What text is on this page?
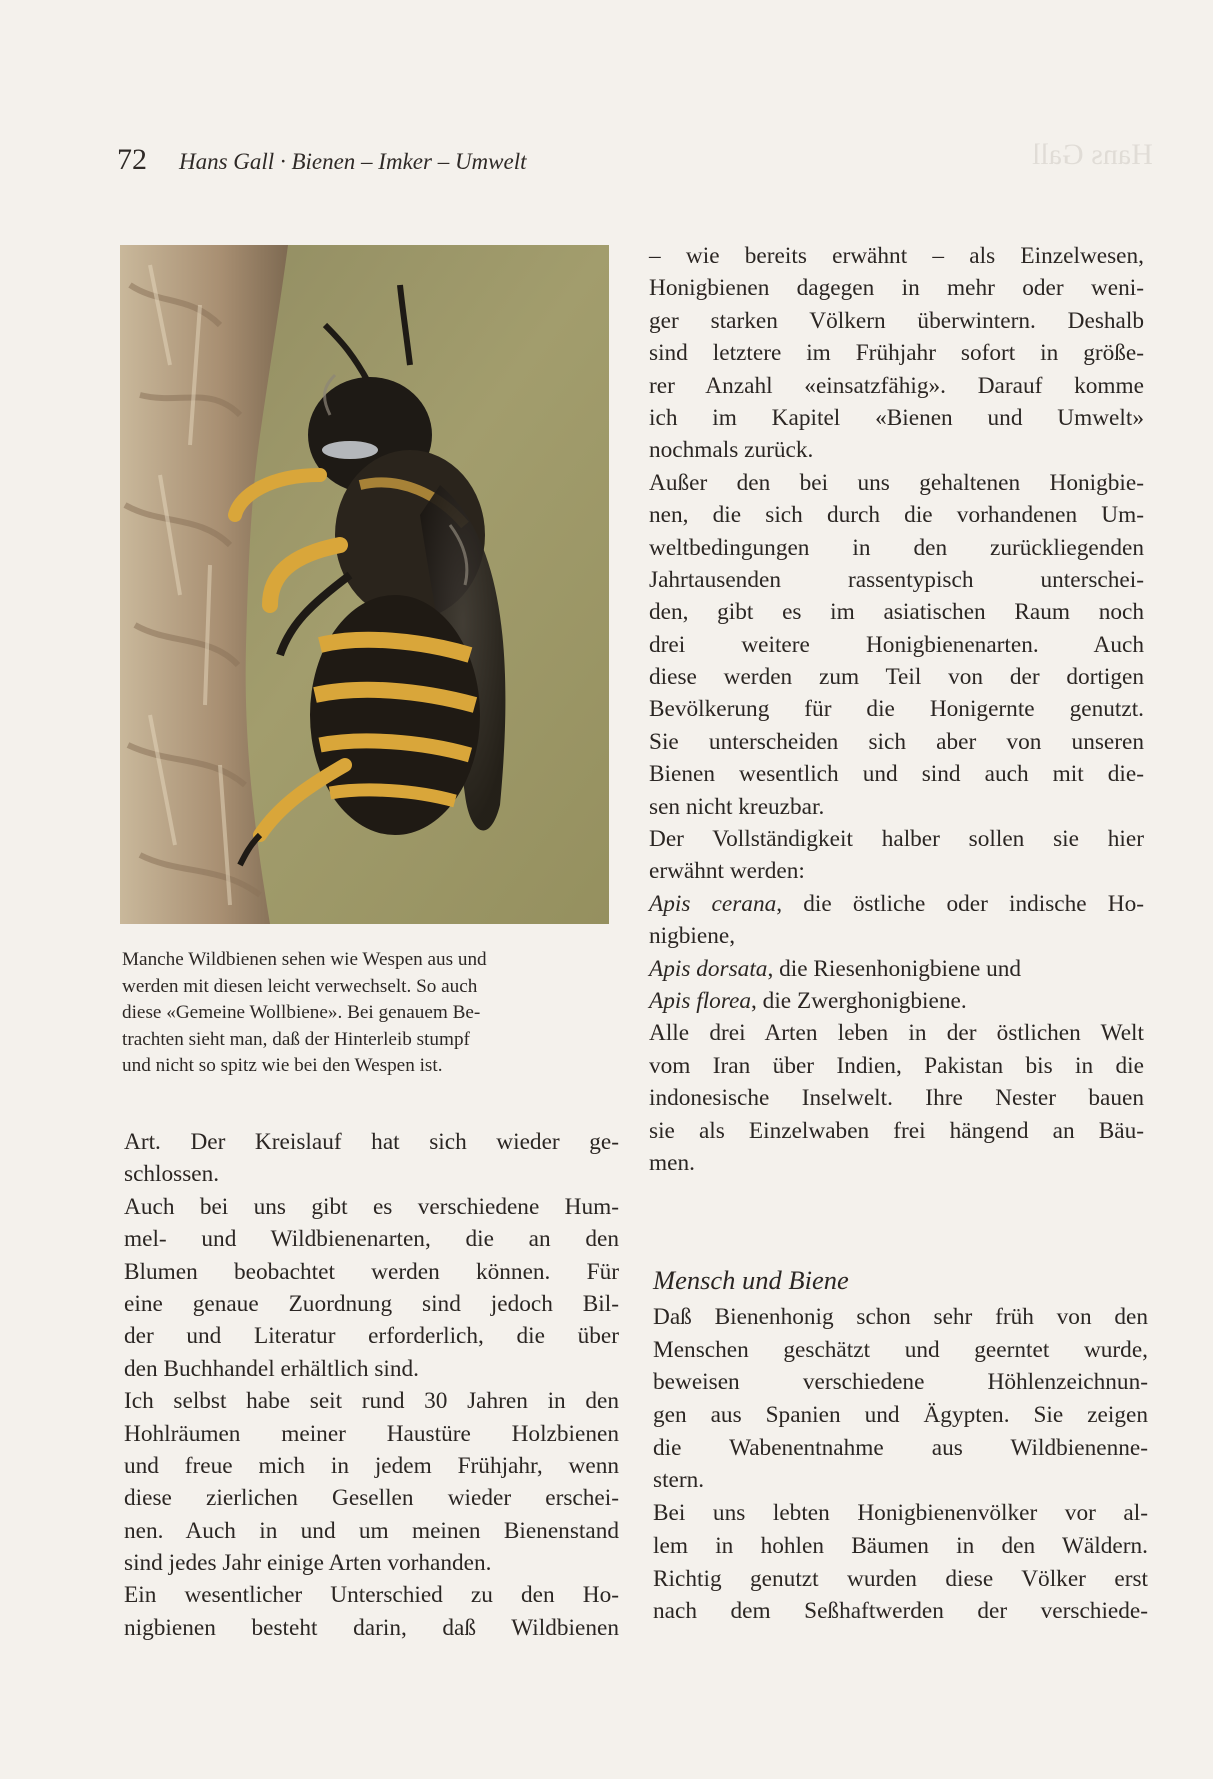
Hans Gall
72 Hans Gall · Bienen – Imker – Umwelt
Manche Wildbienen sehen wie Wespen aus und
werden mit diesen leicht verwechselt. So auch
diese «Gemeine Wollbiene». Bei genauem Be-
trachten sieht man, daß der Hinterleib stumpf
und nicht so spitz wie bei den Wespen ist.
Art. Der Kreislauf hat sich wieder ge-
schlossen.
Auch bei uns gibt es verschiedene Hum-
mel- und Wildbienenarten, die an den
Blumen beobachtet werden können. Für
eine genaue Zuordnung sind jedoch Bil-
der und Literatur erforderlich, die über
den Buchhandel erhältlich sind.
Ich selbst habe seit rund 30 Jahren in den
Hohlräumen meiner Haustüre Holzbienen
und freue mich in jedem Frühjahr, wenn
diese zierlichen Gesellen wieder erschei-
nen. Auch in und um meinen Bienenstand
sind jedes Jahr einige Arten vorhanden.
Ein wesentlicher Unterschied zu den Ho-
nigbienen besteht darin, daß Wildbienen
– wie bereits erwähnt – als Einzelwesen,
Honigbienen dagegen in mehr oder weni-
ger starken Völkern überwintern. Deshalb
sind letztere im Frühjahr sofort in größe-
rer Anzahl «einsatzfähig». Darauf komme
ich im Kapitel «Bienen und Umwelt»
nochmals zurück.
Außer den bei uns gehaltenen Honigbie-
nen, die sich durch die vorhandenen Um-
weltbedingungen in den zurückliegenden
Jahrtausenden rassentypisch unterschei-
den, gibt es im asiatischen Raum noch
drei weitere Honigbienenarten. Auch
diese werden zum Teil von der dortigen
Bevölkerung für die Honigernte genutzt.
Sie unterscheiden sich aber von unseren
Bienen wesentlich und sind auch mit die-
sen nicht kreuzbar.
Der Vollständigkeit halber sollen sie hier
erwähnt werden:
Apis cerana, die östliche oder indische Ho-
nigbiene,
Apis dorsata, die Riesenhonigbiene und
Apis florea, die Zwerghonigbiene.
Alle drei Arten leben in der östlichen Welt
vom Iran über Indien, Pakistan bis in die
indonesische Inselwelt. Ihre Nester bauen
sie als Einzelwaben frei hängend an Bäu-
men.
Mensch und Biene
Daß Bienenhonig schon sehr früh von den
Menschen geschätzt und geerntet wurde,
beweisen verschiedene Höhlenzeichnun-
gen aus Spanien und Ägypten. Sie zeigen
die Wabenentnahme aus Wildbienenne-
stern.
Bei uns lebten Honigbienenvölker vor al-
lem in hohlen Bäumen in den Wäldern.
Richtig genutzt wurden diese Völker erst
nach dem Seßhaftwerden der verschiede-
